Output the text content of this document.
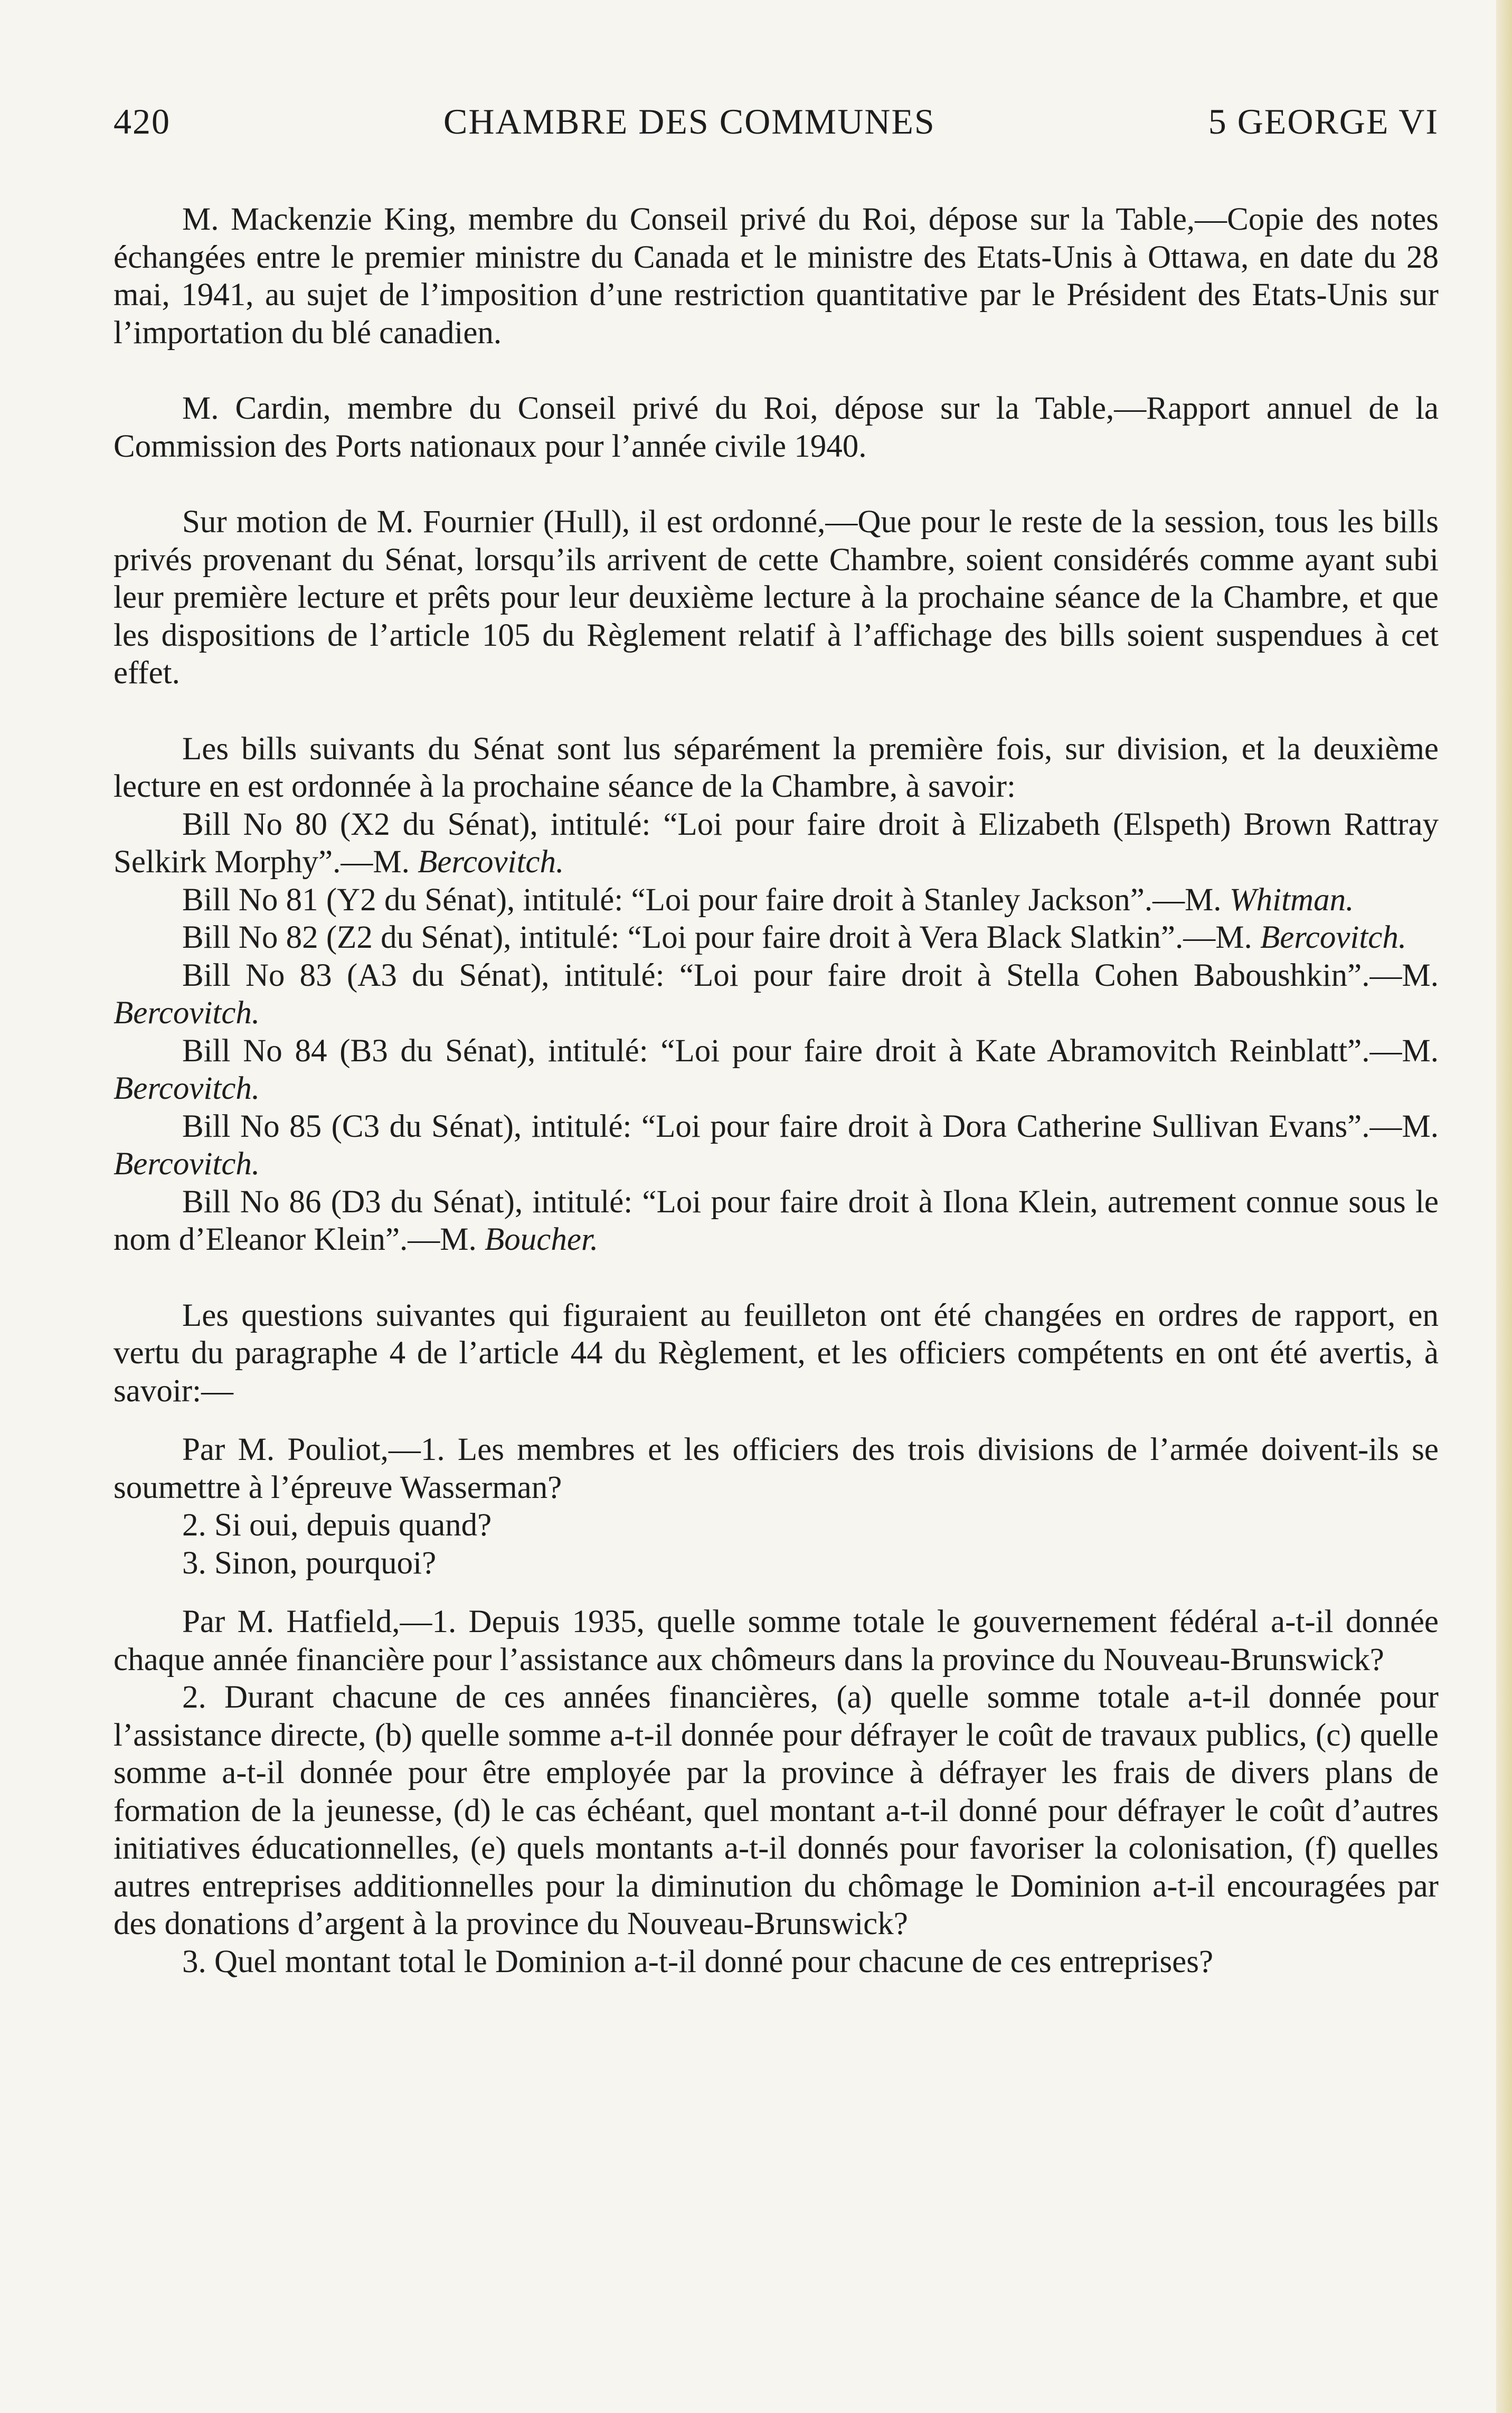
420	CHAMBRE DES COMMUNES	5 GEORGE VI

M. Mackenzie King, membre du Conseil privé du Roi, dépose sur la Table,—Copie des notes échangées entre le premier ministre du Canada et le ministre des Etats-Unis à Ottawa, en date du 28 mai, 1941, au sujet de l’imposition d’une restriction quantitative par le Président des Etats-Unis sur l’importation du blé canadien.

M. Cardin, membre du Conseil privé du Roi, dépose sur la Table,—Rapport annuel de la Commission des Ports nationaux pour l’année civile 1940.

Sur motion de M. Fournier (Hull), il est ordonné,—Que pour le reste de la session, tous les bills privés provenant du Sénat, lorsqu’ils arrivent de cette Chambre, soient considérés comme ayant subi leur première lecture et prêts pour leur deuxième lecture à la prochaine séance de la Chambre, et que les dispositions de l’article 105 du Règlement relatif à l’affichage des bills soient suspendues à cet effet.

Les bills suivants du Sénat sont lus séparément la première fois, sur division, et la deuxième lecture en est ordonnée à la prochaine séance de la Chambre, à savoir:

Bill No 80 (X2 du Sénat), intitulé: “Loi pour faire droit à Elizabeth (Elspeth) Brown Rattray Selkirk Morphy”.—M. Bercovitch.

Bill No 81 (Y2 du Sénat), intitulé: “Loi pour faire droit à Stanley Jackson”.—M. Whitman.

Bill No 82 (Z2 du Sénat), intitulé: “Loi pour faire droit à Vera Black Slatkin”.—M. Bercovitch.

Bill No 83 (A3 du Sénat), intitulé: “Loi pour faire droit à Stella Cohen Baboushkin”.—M. Bercovitch.

Bill No 84 (B3 du Sénat), intitulé: “Loi pour faire droit à Kate Abramovitch Reinblatt”.—M. Bercovitch.

Bill No 85 (C3 du Sénat), intitulé: “Loi pour faire droit à Dora Catherine Sullivan Evans”.—M. Bercovitch.

Bill No 86 (D3 du Sénat), intitulé: “Loi pour faire droit à Ilona Klein, autrement connue sous le nom d’Eleanor Klein”.—M. Boucher.

Les questions suivantes qui figuraient au feuilleton ont été changées en ordres de rapport, en vertu du paragraphe 4 de l’article 44 du Règlement, et les officiers compétents en ont été avertis, à savoir:—

Par M. Pouliot,—1. Les membres et les officiers des trois divisions de l’armée doivent-ils se soumettre à l’épreuve Wasserman?

2. Si oui, depuis quand?

3. Sinon, pourquoi?

Par M. Hatfield,—1. Depuis 1935, quelle somme totale le gouvernement fédéral a-t-il donnée chaque année financière pour l’assistance aux chômeurs dans la province du Nouveau-Brunswick?

2. Durant chacune de ces années financières, (a) quelle somme totale a-t-il donnée pour l’assistance directe, (b) quelle somme a-t-il donnée pour défrayer le coût de travaux publics, (c) quelle somme a-t-il donnée pour être employée par la province à défrayer les frais de divers plans de formation de la jeunesse, (d) le cas échéant, quel montant a-t-il donné pour défrayer le coût d’autres initiatives éducationnelles, (e) quels montants a-t-il donnés pour favoriser la colonisation, (f) quelles autres entreprises additionnelles pour la diminution du chômage le Dominion a-t-il encouragées par des donations d’argent à la province du Nouveau-Brunswick?

3. Quel montant total le Dominion a-t-il donné pour chacune de ces entreprises?
